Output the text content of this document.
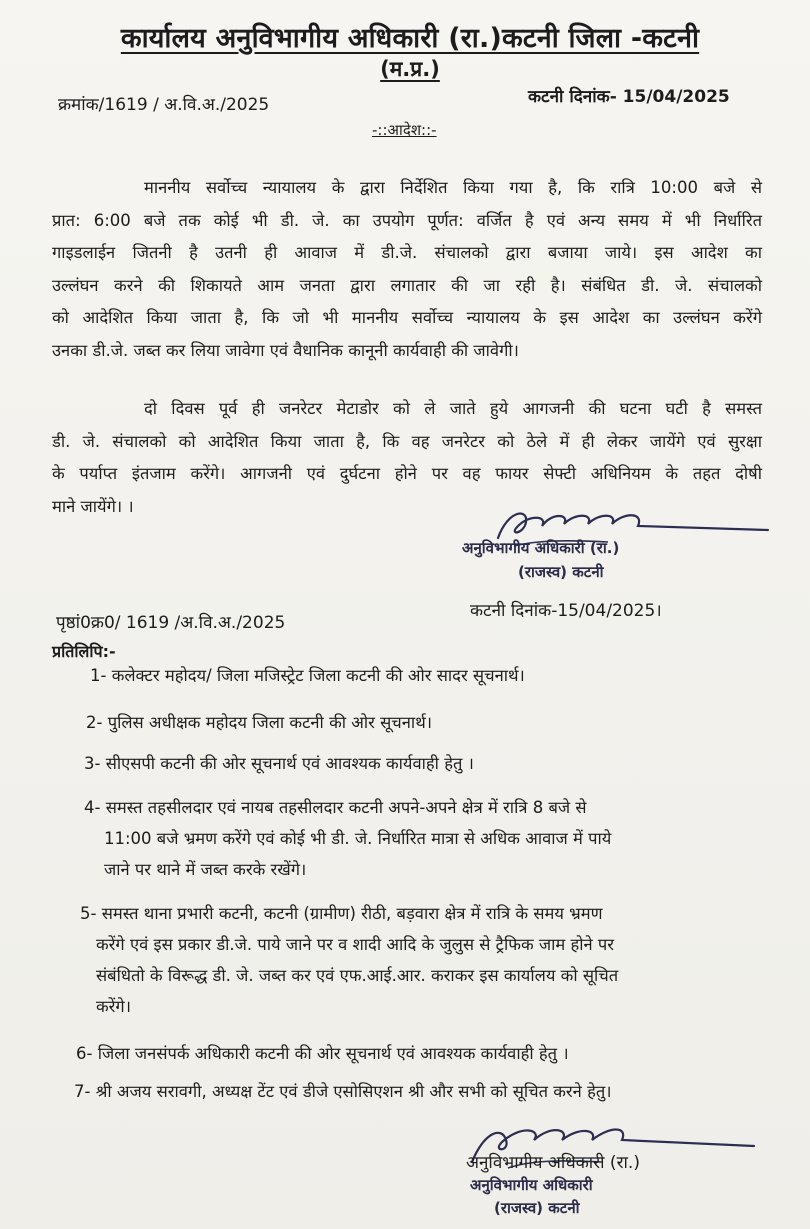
कार्यालय अनुविभागीय अधिकारी (रा.)कटनी जिला -कटनी
(म.प्र.)
क्रमांक/1619 / अ.वि.अ./2025	कटनी दिनांक- 15/04/2025
-::आदेश::-
माननीय सर्वोच्च न्यायालय के द्वारा निर्देशित किया गया है, कि रात्रि 10:00 बजे से
प्रात: 6:00 बजे तक कोई भी डी. जे. का उपयोग पूर्णत: वर्जित है एवं अन्य समय में भी निर्धारित
गाइडलाईन जितनी है उतनी ही आवाज में डी.जे. संचालको द्वारा बजाया जाये। इस आदेश का
उल्लंघन करने की शिकायते आम जनता द्वारा लगातार की जा रही है। संबंधित डी. जे. संचालको
को आदेशित किया जाता है, कि जो भी माननीय सर्वोच्च न्यायालय के इस आदेश का उल्लंघन करेंगे
उनका डी.जे. जब्त कर लिया जावेगा एवं वैधानिक कानूनी कार्यवाही की जावेगी।
दो दिवस पूर्व ही जनरेटर मेटाडोर को ले जाते हुये आगजनी की घटना घटी है समस्त
डी. जे. संचालको को आदेशित किया जाता है, कि वह जनरेटर को ठेले में ही लेकर जायेंगे एवं सुरक्षा
के पर्याप्त इंतजाम करेंगे। आगजनी एवं दुर्घटना होने पर वह फायर सेफ्टी अधिनियम के तहत दोषी
माने जायेंगे। ।
अनुविभागीय अधिकारी (रा.)
(राजस्व) कटनी
पृष्ठां0क्र0/ 1619 /अ.वि.अ./2025
कटनी दिनांक-15/04/2025।
प्रतिलिपि:-
1- कलेक्टर महोदय/ जिला मजिस्ट्रेट जिला कटनी की ओर सादर सूचनार्थ।
2- पुलिस अधीक्षक महोदय जिला कटनी की ओर सूचनार्थ।
3- सीएसपी कटनी की ओर सूचनार्थ एवं आवश्यक कार्यवाही हेतु ।
4- समस्त तहसीलदार एवं नायब तहसीलदार कटनी अपने-अपने क्षेत्र में रात्रि 8 बजे से
11:00 बजे भ्रमण करेंगे एवं कोई भी डी. जे. निर्धारित मात्रा से अधिक आवाज में पाये
जाने पर थाने में जब्त करके रखेंगे।
5- समस्त थाना प्रभारी कटनी, कटनी (ग्रामीण) रीठी, बड़वारा क्षेत्र में रात्रि के समय भ्रमण
करेंगे एवं इस प्रकार डी.जे. पाये जाने पर व शादी आदि के जुलुस से ट्रैफिक जाम होने पर
संबंधितो के विरूद्ध डी. जे. जब्त कर एवं एफ.आई.आर. कराकर इस कार्यालय को सूचित
करेंगे।
6- जिला जनसंपर्क अधिकारी कटनी की ओर सूचनार्थ एवं आवश्यक कार्यवाही हेतु ।
7- श्री अजय सरावगी, अध्यक्ष टेंट एवं डीजे एसोसिएशन श्री और सभी को सूचित करने हेतु।
अनुविभागीय अधिकारी (रा.)
अनुविभागीय अधिकारी
(राजस्व) कटनी
